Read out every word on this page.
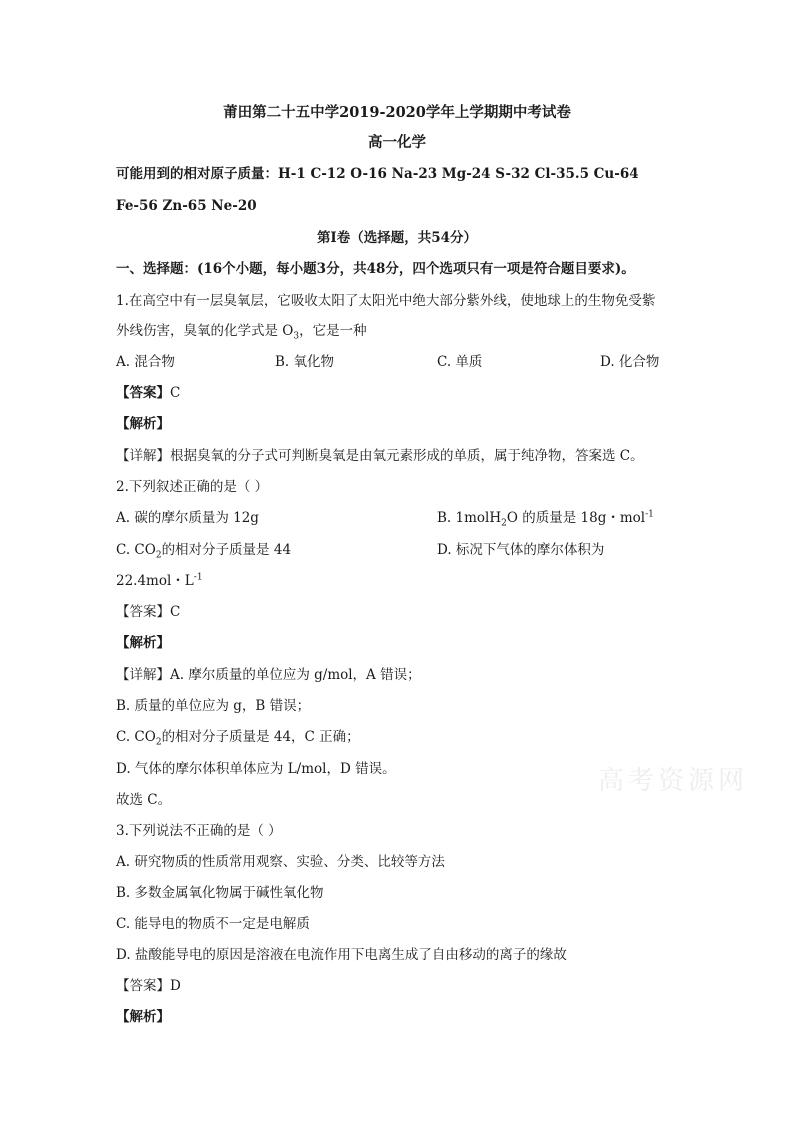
莆田第二十五中学2019-2020学年上学期期中考试卷
高一化学
可能用到的相对原子质量：H-1 C-12 O-16 Na-23 Mg-24 S-32 Cl-35.5 Cu-64
Fe-56 Zn-65 Ne-20
第Ⅰ卷（选择题，共54分）
一、选择题：(16个小题，每小题3分，共48分，四个选项只有一项是符合题目要求)。
1.在高空中有一层臭氧层，它吸收太阳了太阳光中绝大部分紫外线，使地球上的生物免受紫
外线伤害，臭氧的化学式是 $O_3$，它是一种
A. 混合物	B. 氧化物	C. 单质	D. 化合物
【答案】C
【解析】
【详解】根据臭氧的分子式可判断臭氧是由氧元素形成的单质，属于纯净物，答案选 C。
2.下列叙述正确的是（ ）
A. 碳的摩尔质量为 12g	B. 1molH$_2$O 的质量是 18g・mol$^{-1}$
C. $CO_2$的相对分子质量是 44	D. 标况下气体的摩尔体积为
22.4mol・$L^{-1}$
【答案】C
【解析】
【详解】A. 摩尔质量的单位应为 g/mol，A 错误；
B. 质量的单位应为 g，B 错误；
C. $CO_2$的相对分子质量是 44，C 正确；
D. 气体的摩尔体积单体应为 L/mol，D 错误。
故选 C。
3.下列说法不正确的是（ ）
A. 研究物质的性质常用观察、实验、分类、比较等方法
B. 多数金属氧化物属于碱性氧化物
C. 能导电的物质不一定是电解质
D. 盐酸能导电的原因是溶液在电流作用下电离生成了自由移动的离子的缘故
【答案】D
【解析】
高考资源网
